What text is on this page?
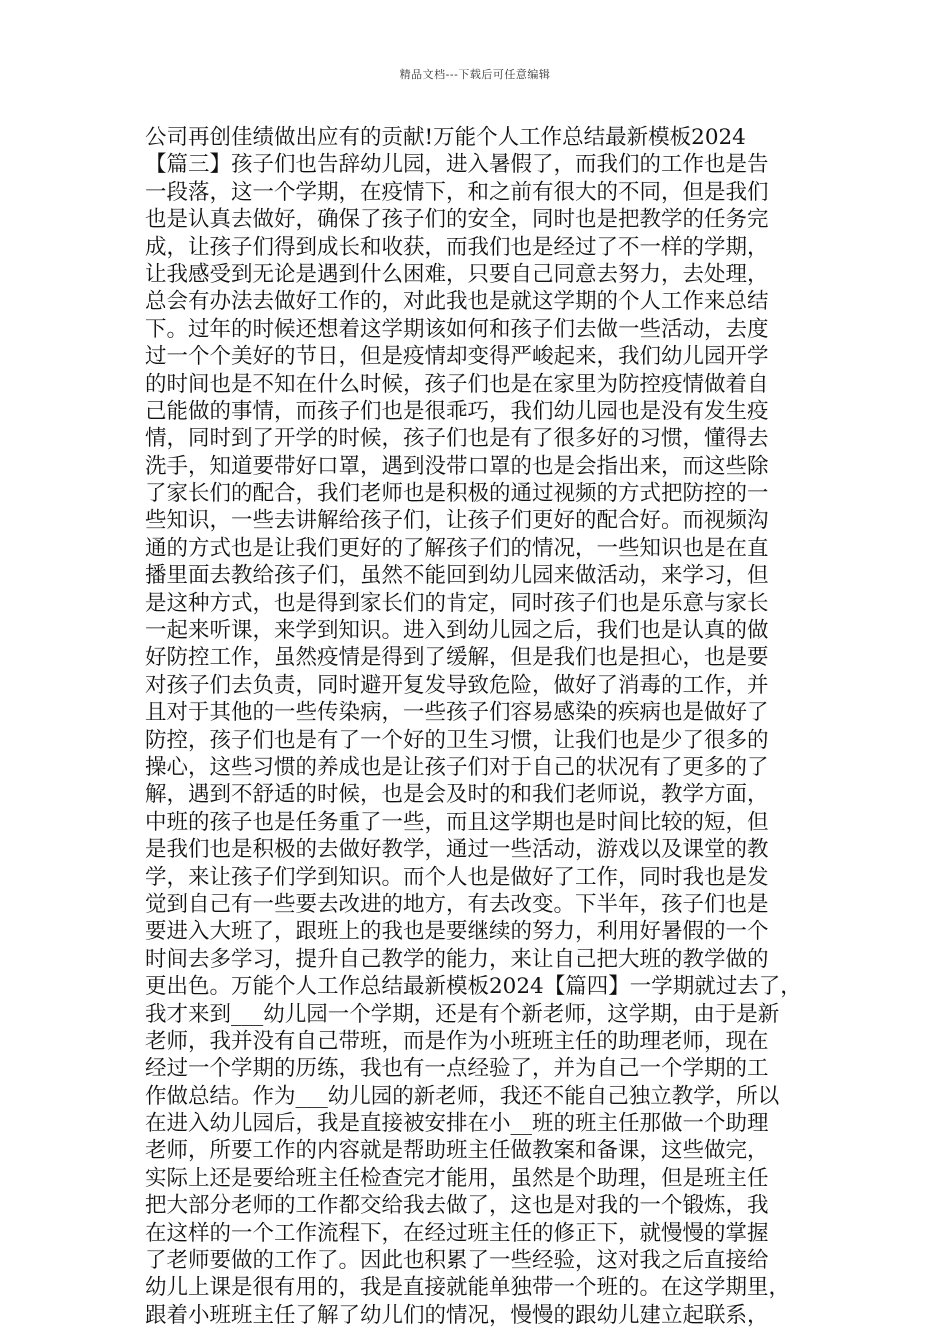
精品文档---下载后可任意编辑
公司再创佳绩做出应有的贡献!万能个人工作总结最新模板2024
【篇三】孩子们也告辞幼儿园，进入暑假了，而我们的工作也是告
一段落，这一个学期，在疫情下，和之前有很大的不同，但是我们
也是认真去做好，确保了孩子们的安全，同时也是把教学的任务完
成，让孩子们得到成长和收获，而我们也是经过了不一样的学期，
让我感受到无论是遇到什么困难，只要自己同意去努力，去处理，
总会有办法去做好工作的，对此我也是就这学期的个人工作来总结
下。过年的时候还想着这学期该如何和孩子们去做一些活动，去度
过一个个美好的节日，但是疫情却变得严峻起来，我们幼儿园开学
的时间也是不知在什么时候，孩子们也是在家里为防控疫情做着自
己能做的事情，而孩子们也是很乖巧，我们幼儿园也是没有发生疫
情，同时到了开学的时候，孩子们也是有了很多好的习惯，懂得去
洗手，知道要带好口罩，遇到没带口罩的也是会指出来，而这些除
了家长们的配合，我们老师也是积极的通过视频的方式把防控的一
些知识，一些去讲解给孩子们，让孩子们更好的配合好。而视频沟
通的方式也是让我们更好的了解孩子们的情况，一些知识也是在直
播里面去教给孩子们，虽然不能回到幼儿园来做活动，来学习，但
是这种方式，也是得到家长们的肯定，同时孩子们也是乐意与家长
一起来听课，来学到知识。进入到幼儿园之后，我们也是认真的做
好防控工作，虽然疫情是得到了缓解，但是我们也是担心，也是要
对孩子们去负责，同时避开复发导致危险，做好了消毒的工作，并
且对于其他的一些传染病，一些孩子们容易感染的疾病也是做好了
防控，孩子们也是有了一个好的卫生习惯，让我们也是少了很多的
操心，这些习惯的养成也是让孩子们对于自己的状况有了更多的了
解，遇到不舒适的时候，也是会及时的和我们老师说，教学方面，
中班的孩子也是任务重了一些，而且这学期也是时间比较的短，但
是我们也是积极的去做好教学，通过一些活动，游戏以及课堂的教
学，来让孩子们学到知识。而个人也是做好了工作，同时我也是发
觉到自己有一些要去改进的地方，有去改变。下半年，孩子们也是
要进入大班了，跟班上的我也是要继续的努力，利用好暑假的一个
时间去多学习，提升自己教学的能力，来让自己把大班的教学做的
更出色。万能个人工作总结最新模板2024【篇四】一学期就过去了，
我才来到___幼儿园一个学期，还是有个新老师，这学期，由于是新
老师，我并没有自己带班，而是作为小班班主任的助理老师，现在
经过一个学期的历练，我也有一点经验了，并为自己一个学期的工
作做总结。作为___幼儿园的新老师，我还不能自己独立教学，所以
在进入幼儿园后，我是直接被安排在小__班的班主任那做一个助理
老师，所要工作的内容就是帮助班主任做教案和备课，这些做完，
实际上还是要给班主任检查完才能用，虽然是个助理，但是班主任
把大部分老师的工作都交给我去做了，这也是对我的一个锻炼，我
在这样的一个工作流程下，在经过班主任的修正下，就慢慢的掌握
了老师要做的工作了。因此也积累了一些经验，这对我之后直接给
幼儿上课是很有用的，我是直接就能单独带一个班的。在这学期里，
跟着小班班主任了解了幼儿们的情况，慢慢的跟幼儿建立起联系，
